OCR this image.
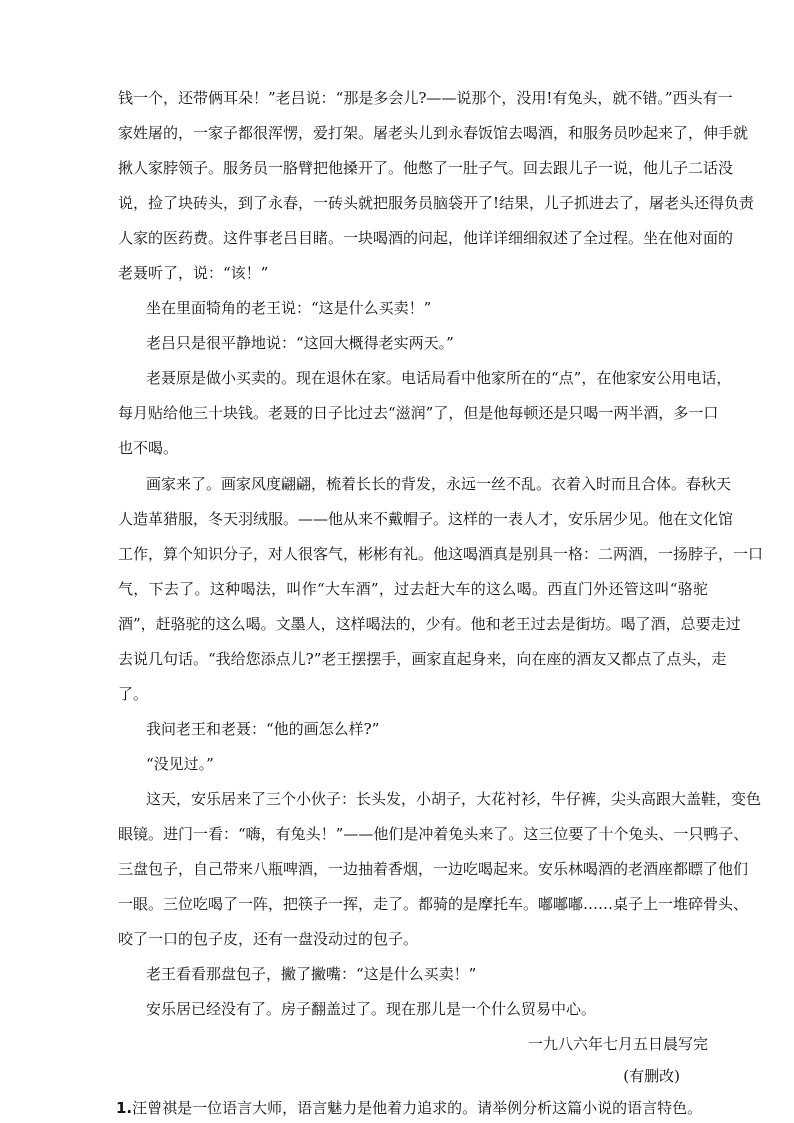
钱一个，还带俩耳朵！”老吕说：“那是多会儿?——说那个，没用!有兔头，就不错。”西头有一
家姓屠的，一家子都很浑愣，爱打架。屠老头儿到永春饭馆去喝酒，和服务员吵起来了，伸手就
揪人家脖领子。服务员一胳臂把他搡开了。他憋了一肚子气。回去跟儿子一说，他儿子二话没
说，捡了块砖头，到了永春，一砖头就把服务员脑袋开了!结果，儿子抓进去了，屠老头还得负责
人家的医药费。这件事老吕目睹。一块喝酒的问起，他详详细细叙述了全过程。坐在他对面的
老聂听了，说：“该！”
坐在里面犄角的老王说：“这是什么买卖！”
老吕只是很平静地说：“这回大概得老实两天。”
老聂原是做小买卖的。现在退休在家。电话局看中他家所在的“点”，在他家安公用电话，
每月贴给他三十块钱。老聂的日子比过去“滋润”了，但是他每顿还是只喝一两半酒，多一口
也不喝。
画家来了。画家风度翩翩，梳着长长的背发，永远一丝不乱。衣着入时而且合体。春秋天
人造革猎服，冬天羽绒服。——他从来不戴帽子。这样的一表人才，安乐居少见。他在文化馆
工作，算个知识分子，对人很客气，彬彬有礼。他这喝酒真是别具一格：二两酒，一扬脖子，一口
气，下去了。这种喝法，叫作“大车酒”，过去赶大车的这么喝。西直门外还管这叫“骆驼
酒”，赶骆驼的这么喝。文墨人，这样喝法的，少有。他和老王过去是街坊。喝了酒，总要走过
去说几句话。“我给您添点儿?”老王摆摆手，画家直起身来，向在座的酒友又都点了点头，走
了。
我问老王和老聂：“他的画怎么样?”
“没见过。”
这天，安乐居来了三个小伙子：长头发，小胡子，大花衬衫，牛仔裤，尖头高跟大盖鞋，变色
眼镜。进门一看：“嗨，有兔头！”——他们是冲着兔头来了。这三位要了十个兔头、一只鸭子、
三盘包子，自己带来八瓶啤酒，一边抽着香烟，一边吃喝起来。安乐林喝酒的老酒座都瞟了他们
一眼。三位吃喝了一阵，把筷子一挥，走了。都骑的是摩托车。嘟嘟嘟……桌子上一堆碎骨头、
咬了一口的包子皮，还有一盘没动过的包子。
老王看看那盘包子，撇了撇嘴：“这是什么买卖！”
安乐居已经没有了。房子翻盖过了。现在那儿是一个什么贸易中心。
一九八六年七月五日晨写完
(有删改)
1.汪曾祺是一位语言大师，语言魅力是他着力追求的。请举例分析这篇小说的语言特色。
